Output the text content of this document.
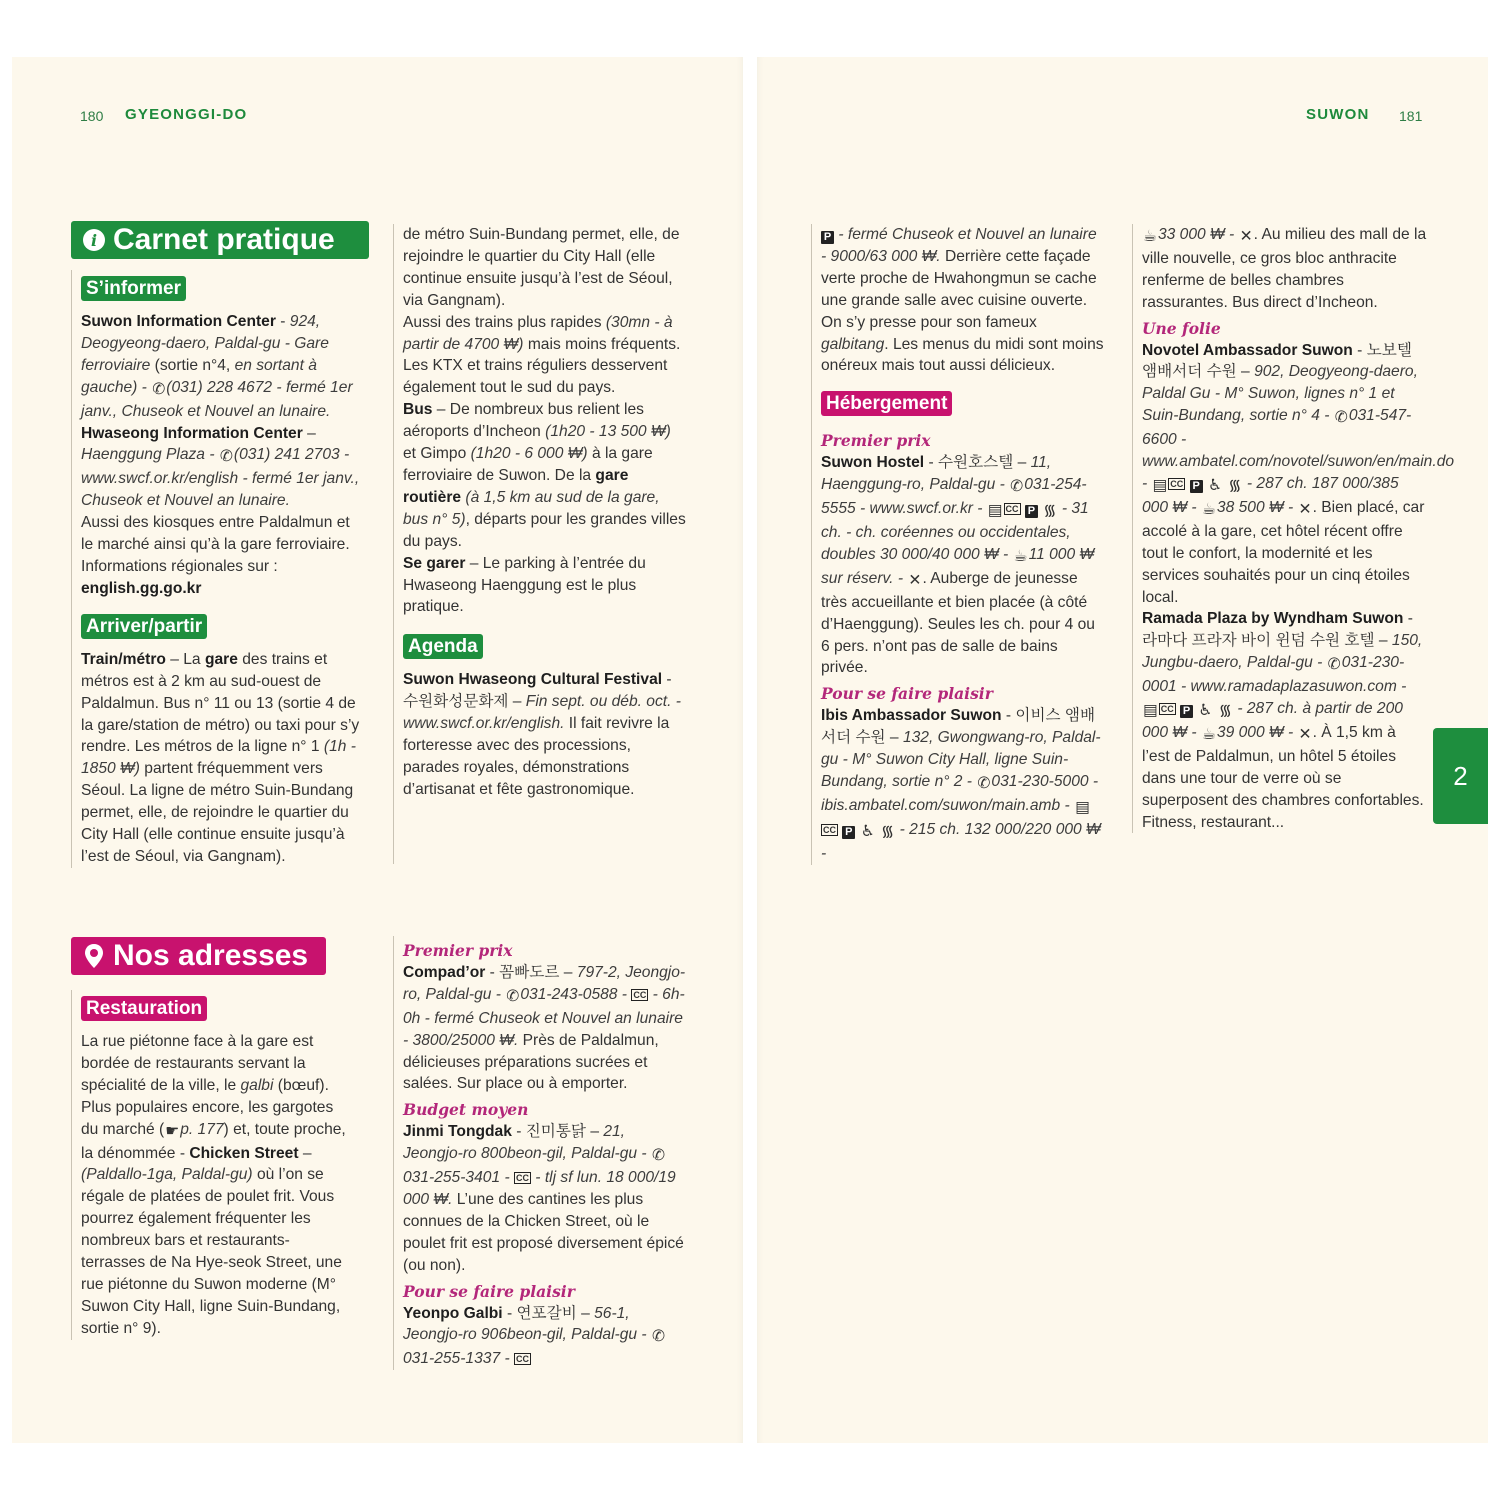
180 GYEONGGI-DO	SUWON 181
i Carnet pratique
S’informer

Suwon Information Center - 924, Deogyeong-daero, Paldal-gu - Gare ferroviaire (sortie n°4, en sortant à gauche) - ✆(031) 228 4672 - fermé 1er janv., Chuseok et Nouvel an lunaire.

Hwaseong Information Center – Haenggung Plaza - ✆(031) 241 2703 - www.swcf.or.kr/english - fermé 1er janv., Chuseok et Nouvel an lunaire.

Aussi des kiosques entre Paldalmun et le marché ainsi qu’à la gare ferroviaire.

Informations régionales sur :

english.gg.go.kr

Arriver/partir

Train/métro – La gare des trains et métros est à 2 km au sud-ouest de Paldalmun. Bus n° 11 ou 13 (sortie 4 de la gare/station de métro) ou taxi pour s’y rendre. Les métros de la ligne n° 1 (1h - 1850 ₩) partent fréquemment vers Séoul. La ligne de métro Suin-Bundang permet, elle, de rejoindre le quartier du City Hall (elle continue ensuite jusqu’à l’est de Séoul, via Gangnam).

de métro Suin-Bundang permet, elle, de rejoindre le quartier du City Hall (elle continue ensuite jusqu’à l’est de Séoul, via Gangnam).

Aussi des trains plus rapides (30mn - à partir de 4700 ₩) mais moins fréquents. Les KTX et trains réguliers desservent également tout le sud du pays.

Bus – De nombreux bus relient les aéroports d’Incheon (1h20 - 13 500 ₩) et Gimpo (1h20 - 6 000 ₩) à la gare ferroviaire de Suwon. De la gare routière (à 1,5 km au sud de la gare, bus n° 5), départs pour les grandes villes du pays.

Se garer – Le parking à l’entrée du Hwaseong Haenggung est le plus pratique.

Agenda

Suwon Hwaseong Cultural Festival - 수원화성문화제 – Fin sept. ou déb. oct. - www.swcf.or.kr/english. Il fait revivre la forteresse avec des processions, parades royales, démonstrations d’artisanat et fête gastronomique.

Nos adresses
Restauration

La rue piétonne face à la gare est bordée de restaurants servant la spécialité de la ville, le galbi (bœuf). Plus populaires encore, les gargotes du marché (☛p. 177) et, toute proche, la dénommée - Chicken Street – (Paldallo-1ga, Paldal-gu) où l’on se régale de platées de poulet frit. Vous pourrez également fréquenter les nombreux bars et restaurants-terrasses de Na Hye-seok Street, une rue piétonne du Suwon moderne (M° Suwon City Hall, ligne Suin-Bundang, sortie n° 9).

Premier prix

Compad’or - 꼼빠도르 – 797-2, Jeongjo-ro, Paldal-gu - ✆031-243-0588 - CC - 6h-0h - fermé Chuseok et Nouvel an lunaire - 3800/25000 ₩. Près de Paldalmun, délicieuses préparations sucrées et salées. Sur place ou à emporter.

Budget moyen

Jinmi Tongdak - 진미통닭 – 21, Jeongjo-ro 800beon-gil, Paldal-gu - ✆031-255-3401 - CC - tlj sf lun. 18 000/19 000 ₩. L’une des cantines les plus connues de la Chicken Street, où le poulet frit est proposé diversement épicé (ou non).

Pour se faire plaisir

Yeonpo Galbi - 연포갈비 – 56-1, Jeongjo-ro 906beon-gil, Paldal-gu - ✆031-255-1337 - CC

P - fermé Chuseok et Nouvel an lunaire - 9000/63 000 ₩. Derrière cette façade verte proche de Hwahongmun se cache une grande salle avec cuisine ouverte. On s’y presse pour son fameux galbitang. Les menus du midi sont moins onéreux mais tout aussi délicieux.

Hébergement
Premier prix

Suwon Hostel - 수원호스텔 – 11, Haenggung-ro, Paldal-gu - ✆031-254-5555 - www.swcf.or.kr - ▤ CC P ᯾ - 31 ch. - ch. coréennes ou occidentales, doubles 30 000/40 000 ₩ - ☕11 000 ₩ sur réserv. - ✕. Auberge de jeunesse très accueillante et bien placée (à côté d’Haenggung). Seules les ch. pour 4 ou 6 pers. n’ont pas de salle de bains privée.

Pour se faire plaisir

Ibis Ambassador Suwon - 이비스 앰배서더 수원 – 132, Gwongwang-ro, Paldal-gu - M° Suwon City Hall, ligne Suin-Bundang, sortie n° 2 - ✆031-230-5000 - ibis.ambatel.com/suwon/main.amb - ▤CC P ♿ ᯾ - 215 ch. 132 000/220 000 ₩ -

☕33 000 ₩ - ✕. Au milieu des mall de la ville nouvelle, ce gros bloc anthracite renferme de belles chambres rassurantes. Bus direct d’Incheon.

Une folie

Novotel Ambassador Suwon - 노보텔 앰배서더 수원 – 902, Deogyeong-daero, Paldal Gu - M° Suwon, lignes n° 1 et Suin-Bundang, sortie n° 4 - ✆031-547-6600 - www.ambatel.com/novotel/suwon/en/main.do - ▤ CC P ♿ ᯾ - 287 ch. 187 000/385 000 ₩ - ☕38 500 ₩ - ✕. Bien placé, car accolé à la gare, cet hôtel récent offre tout le confort, la modernité et les services souhaités pour un cinq étoiles local.

Ramada Plaza by Wyndham Suwon - 라마다 프라자 바이 윈덤 수원 호텔 – 150, Jungbu-daero, Paldal-gu - ✆031-230-0001 - www.ramadaplazasuwon.com - ▤ CC P ♿ ᯾ - 287 ch. à partir de 200 000 ₩ - ☕39 000 ₩ - ✕. À 1,5 km à l’est de Paldalmun, un hôtel 5 étoiles dans une tour de verre où se superposent des chambres confortables. Fitness, restaurant...

2
